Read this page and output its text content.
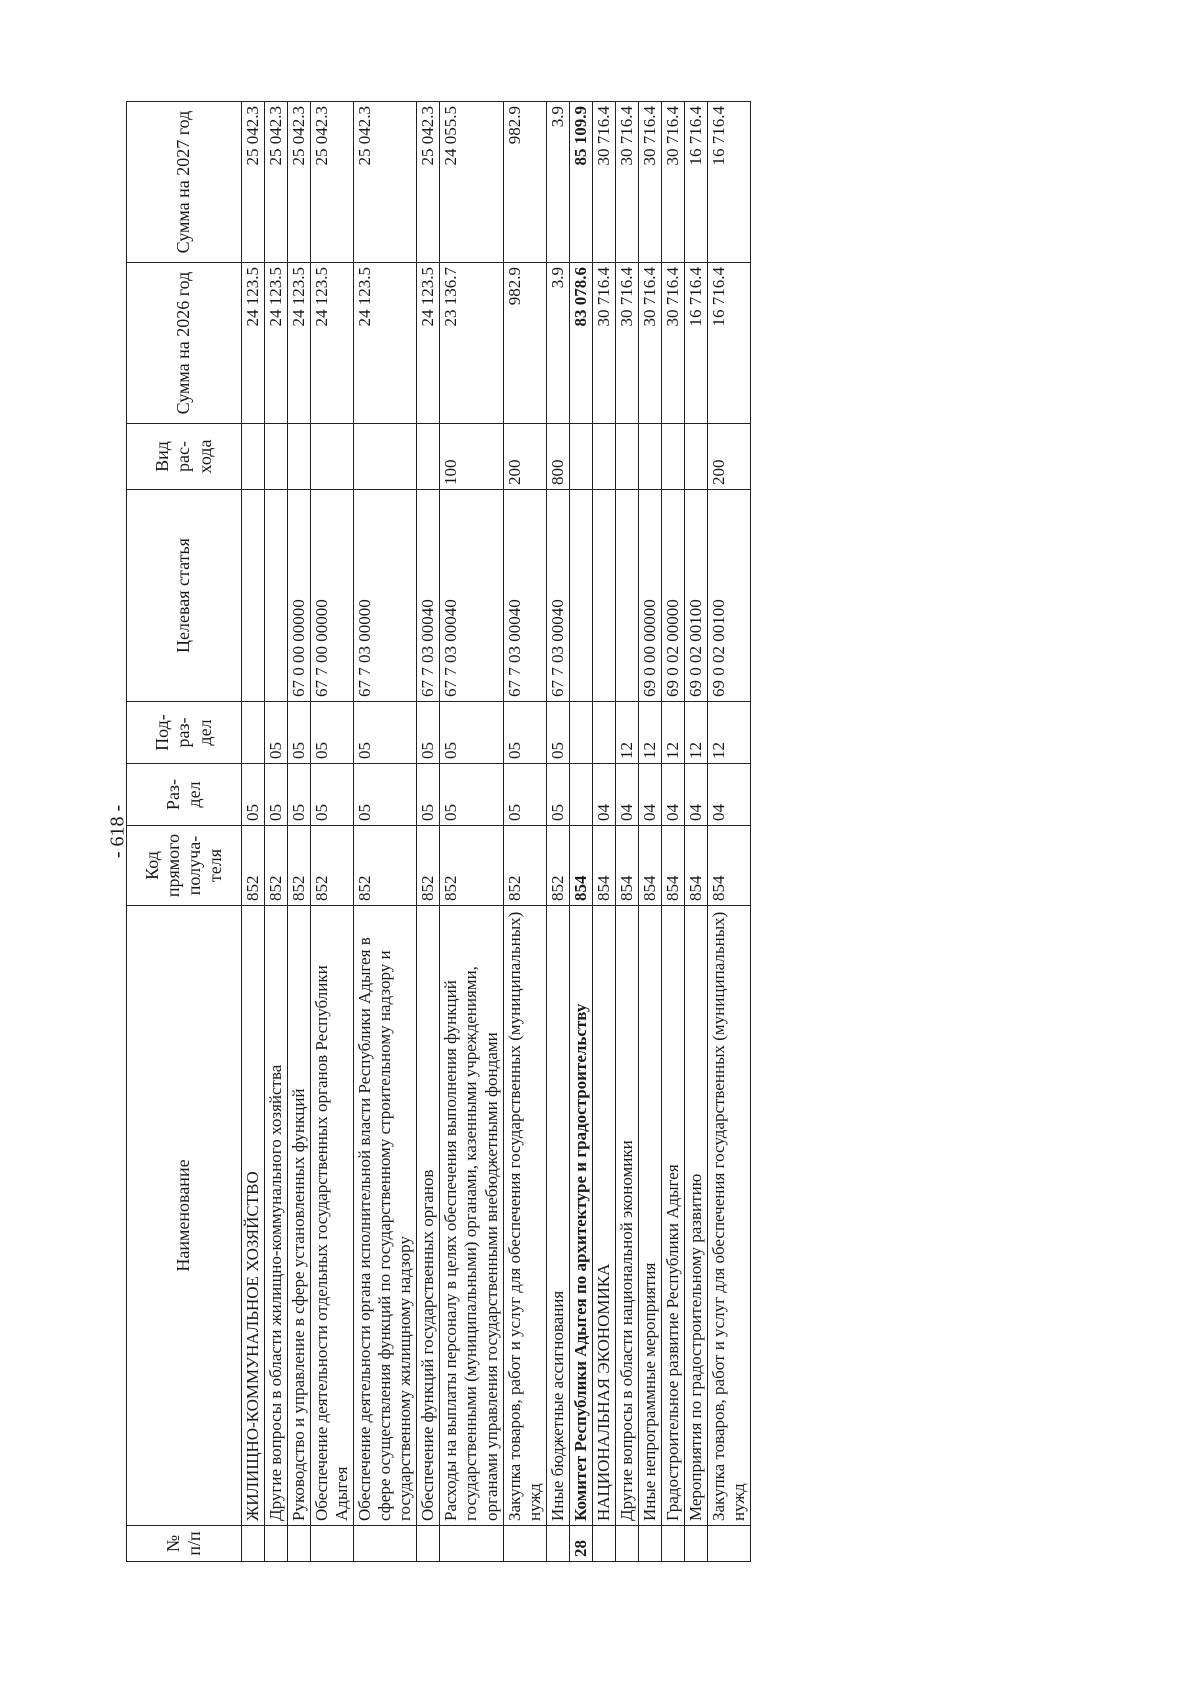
- 618 -
№ п/п	Наименование	Код прямого получа-теля	Раз-дел	Под-раз-дел	Целевая статья	Вид рас-хода	Сумма на 2026 год	Сумма на 2027 год
	ЖИЛИЩНО-КОММУНАЛЬНОЕ ХОЗЯЙСТВО	852	05				24 123.5	25 042.3
	Другие вопросы в области жилищно-коммунального хозяйства	852	05	05			24 123.5	25 042.3
	Руководство и управление в сфере установленных функций	852	05	05	67 0 00 00000		24 123.5	25 042.3
	Обеспечение деятельности отдельных государственных органов Республики Адыгея	852	05	05	67 7 00 00000		24 123.5	25 042.3
	Обеспечение деятельности органа исполнительной власти Республики Адыгея в сфере осуществления функций по государственному строительному надзору и государственному жилищному надзору	852	05	05	67 7 03 00000		24 123.5	25 042.3
	Обеспечение функций государственных органов	852	05	05	67 7 03 00040		24 123.5	25 042.3
	Расходы на выплаты персоналу в целях обеспечения выполнения функций государственными (муниципальными) органами, казенными учреждениями, органами управления государственными внебюджетными фондами	852	05	05	67 7 03 00040	100	23 136.7	24 055.5
	Закупка товаров, работ и услуг для обеспечения государственных (муниципальных) нужд	852	05	05	67 7 03 00040	200	982.9	982.9
	Иные бюджетные ассигнования	852	05	05	67 7 03 00040	800	3.9	3.9
28	Комитет Республики Адыгея по архитектуре и градостроительству	854					83 078.6	85 109.9
	НАЦИОНАЛЬНАЯ ЭКОНОМИКА	854	04				30 716.4	30 716.4
	Другие вопросы в области национальной экономики	854	04	12			30 716.4	30 716.4
	Иные непрограммные мероприятия	854	04	12	69 0 00 00000		30 716.4	30 716.4
	Градостроительное развитие Республики Адыгея	854	04	12	69 0 02 00000		30 716.4	30 716.4
	Мероприятия по градостроительному развитию	854	04	12	69 0 02 00100		16 716.4	16 716.4
	Закупка товаров, работ и услуг для обеспечения государственных (муниципальных) нужд	854	04	12	69 0 02 00100	200	16 716.4	16 716.4
